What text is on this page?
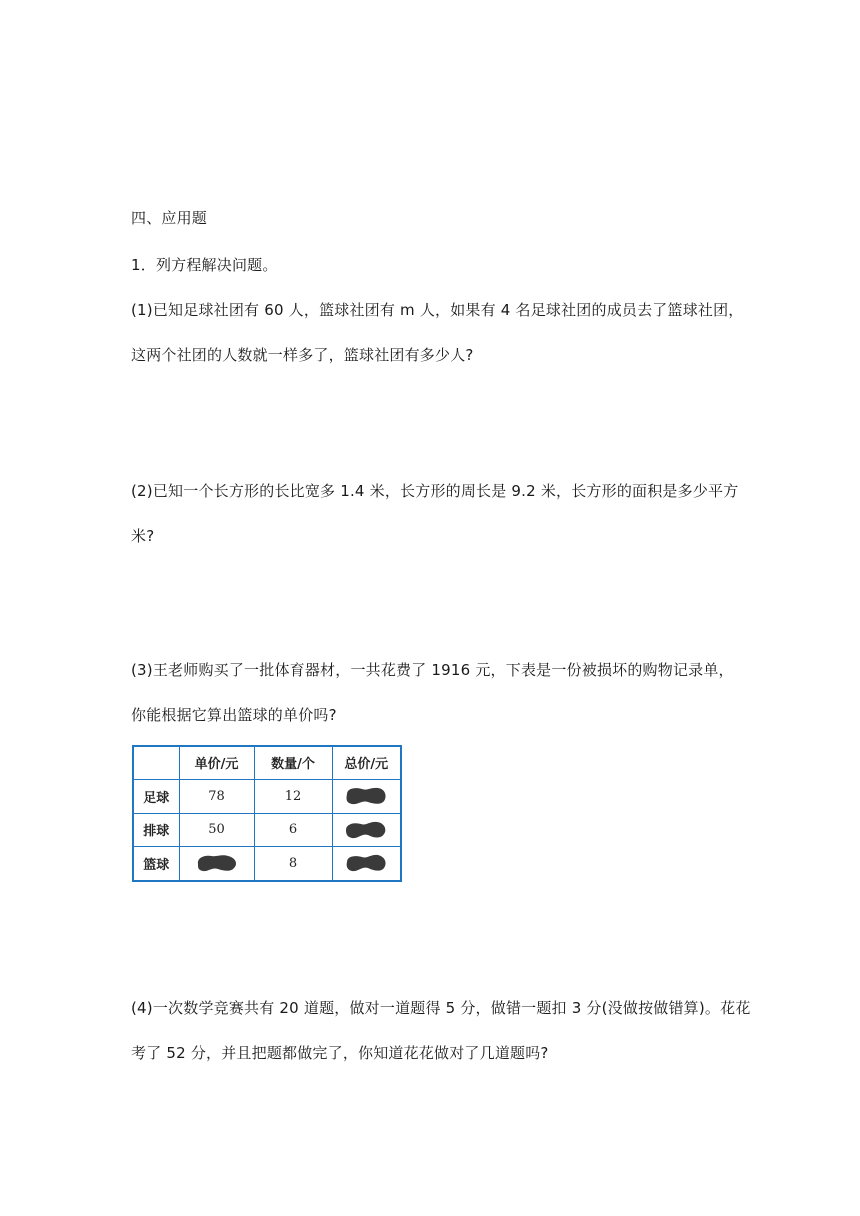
四、应用题
1．列方程解决问题。
(1)已知足球社团有 60 人，篮球社团有 m 人，如果有 4 名足球社团的成员去了篮球社团，
这两个社团的人数就一样多了，篮球社团有多少人?
(2)已知一个长方形的长比宽多 1.4 米，长方形的周长是 9.2 米，长方形的面积是多少平方
米?
(3)王老师购买了一批体育器材，一共花费了 1916 元，下表是一份被损坏的购物记录单，
你能根据它算出篮球的单价吗?
	单价/元	数量/个	总价/元
足球	78	12	
排球	50	6	
篮球		8	
(4)一次数学竞赛共有 20 道题，做对一道题得 5 分，做错一题扣 3 分(没做按做错算)。花花
考了 52 分，并且把题都做完了，你知道花花做对了几道题吗?
